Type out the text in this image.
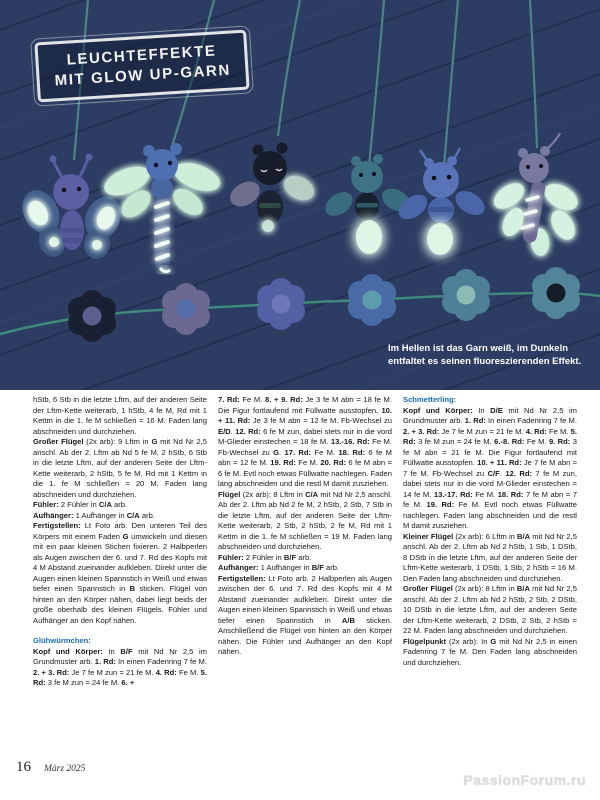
LEUCHTEFFEKTE
MIT GLOW UP-GARN
Im Hellen ist das Garn weiß, im Dunkeln
entfaltet es seinen fluoreszierenden Effekt.

hStb, 6 Stb in die letzte Lftm, auf der anderen Seite der Lftm-Kette weiterarb, 1 hStb, 4 fe M, Rd mit 1 Kettm in die 1. fe M schließen = 16 M. Faden lang abschneiden und durchziehen.

Großer Flügel (2x arb): 9 Lftm in G mit Nd Nr 2,5 anschl. Ab der 2. Lftm ab Nd 5 fe M, 2 hStb, 6 Stb in die letzte Lftm, auf der anderen Seite der Lftm-Kette weiterarb, 2 hStb, 5 fe M, Rd mit 1 Kettm in die 1. fe M schließen = 20 M. Faden lang abschneiden und durchziehen.

Fühler: 2 Fühler in C/A arb.

Aufhänger: 1 Aufhänger in C/A arb.

Fertigstellen: Lt Foto arb. Den unteren Teil des Körpers mit einem Faden G umwickeln und diesen mit ein paar kleinen Stichen fixieren. 2 Halbperlen als Augen zwischen der 6. und 7. Rd des Kopfs mit 4 M Abstand zueinander aufkleben. Direkt unter die Augen einen kleinen Spannstich in Weiß und etwas tiefer einen Spannstich in B sticken. Flügel von hinten an den Körper nähen, dabei liegt beids der große oberhalb des kleinen Flügels. Fühler und Aufhänger an den Kopf nähen.

Glühwürmchen:

Kopf und Körper: In B/F mit Nd Nr 2,5 im Grundmuster arb. 1. Rd: In einen Fadenring 7 fe M. 2. + 3. Rd: Je 7 fe M zun = 21 fe M. 4. Rd: Fe M. 5. Rd: 3 fe M zun = 24 fe M. 6. +

7. Rd: Fe M. 8. + 9. Rd: Je 3 fe M abn = 18 fe M. Die Figur fortlaufend mit Füllwatte ausstopfen. 10. + 11. Rd: Je 3 fe M abn = 12 fe M. Fb-Wechsel zu E/D. 12. Rd: 6 fe M zun, dabei stets nur in die vord M-Glieder einstechen = 18 fe M. 13.-16. Rd: Fe M. Fb-Wechsel zu G. 17. Rd: Fe M. 18. Rd: 6 fe M abn = 12 fe M. 19. Rd: Fe M. 20. Rd: 6 fe M abn = 6 fe M. Evtl noch etwas Füllwatte nachlegen. Faden lang abschneiden und die restl M damit zusziehen.

Flügel (2x arb): 8 Lftm in C/A mit Nd Nr 2,5 anschl. Ab der 2. Lftm ab Nd 2 fe M, 2 hStb, 2 Stb, 7 Stb in die letzte Lftm, auf der anderen Seite der Lftm-Kette weiterarb, 2 Stb, 2 hStb, 2 fe M, Rd mit 1 Kettm in die 1. fe M schließen = 19 M. Faden lang abschneiden und durchziehen.

Fühler: 2 Fühler in B/F arb.

Aufhänger: 1 Aufhänger in B/F arb.

Fertigstellen: Lt Foto arb. 2 Halbperlen als Augen zwischen der 6. und 7. Rd des Kopfs mit 4 M Abstand zueinander aufkleben. Direkt unter die Augen einen kleinen Spannstich in Weiß und etwas tiefer einen Spannstich in A/B sticken. Anschließend die Flügel von hinten an den Körper nähen. Die Fühler und Aufhänger an den Kopf nähen.

Schmetterling:

Kopf und Körper: In D/E mit Nd Nr 2,5 im Grundmuster arb. 1. Rd: In einen Fadenring 7 fe M. 2. + 3. Rd: Je 7 fe M zun = 21 fe M. 4. Rd: Fe M. 5. Rd: 3 fe M zun = 24 fe M. 6.-8. Rd: Fe M. 9. Rd: 3 fe M abn = 21 fe M. Die Figur fortlaufend mit Füllwatte ausstopfen. 10. + 11. Rd: Je 7 fe M abn = 7 fe M. Fb-Wechsel zu C/F. 12. Rd: 7 fe M zun, dabei stets nur in die vord M-Glieder einstechen = 14 fe M. 13.-17. Rd: Fe M. 18. Rd: 7 fe M abn = 7 fe M. 19. Rd: Fe M. Evtl noch etwas Füllwatte nachlegen. Faden lang abschneiden und die restl M damit zusziehen.

Kleiner Flügel (2x arb): 6 Lftm in B/A mit Nd Nr 2,5 anschl. Ab der 2. Lftm ab Nd 2 hStb, 1 Stb, 1 DStb, 8 DStb in die letzte Lftm, auf der anderen Seite der Lftm-Kette weiterarb, 1 DStb, 1 Stb, 2 hStb = 16 M. Den Faden lang abschneiden und durchziehen.

Großer Flügel (2x arb): 8 Lftm in B/A mit Nd Nr 2,5 anschl. Ab der 2. Lftm ab Nd 2 hStb, 2 Stb, 2 DStb, 10 DStb in die letzte Lftm, auf der anderen Seite der Lftm-Kette weiterarb, 2 DStb, 2 Stb, 2 hStb = 22 M. Faden lang abschneiden und durchziehen.

Flügelpunkt (2x arb): In G mit Nd Nr 2,5 in einen Fadenring 7 fe M. Den Faden lang abschneiden und durchziehen.

16 März 2025
PassionForum.ru
